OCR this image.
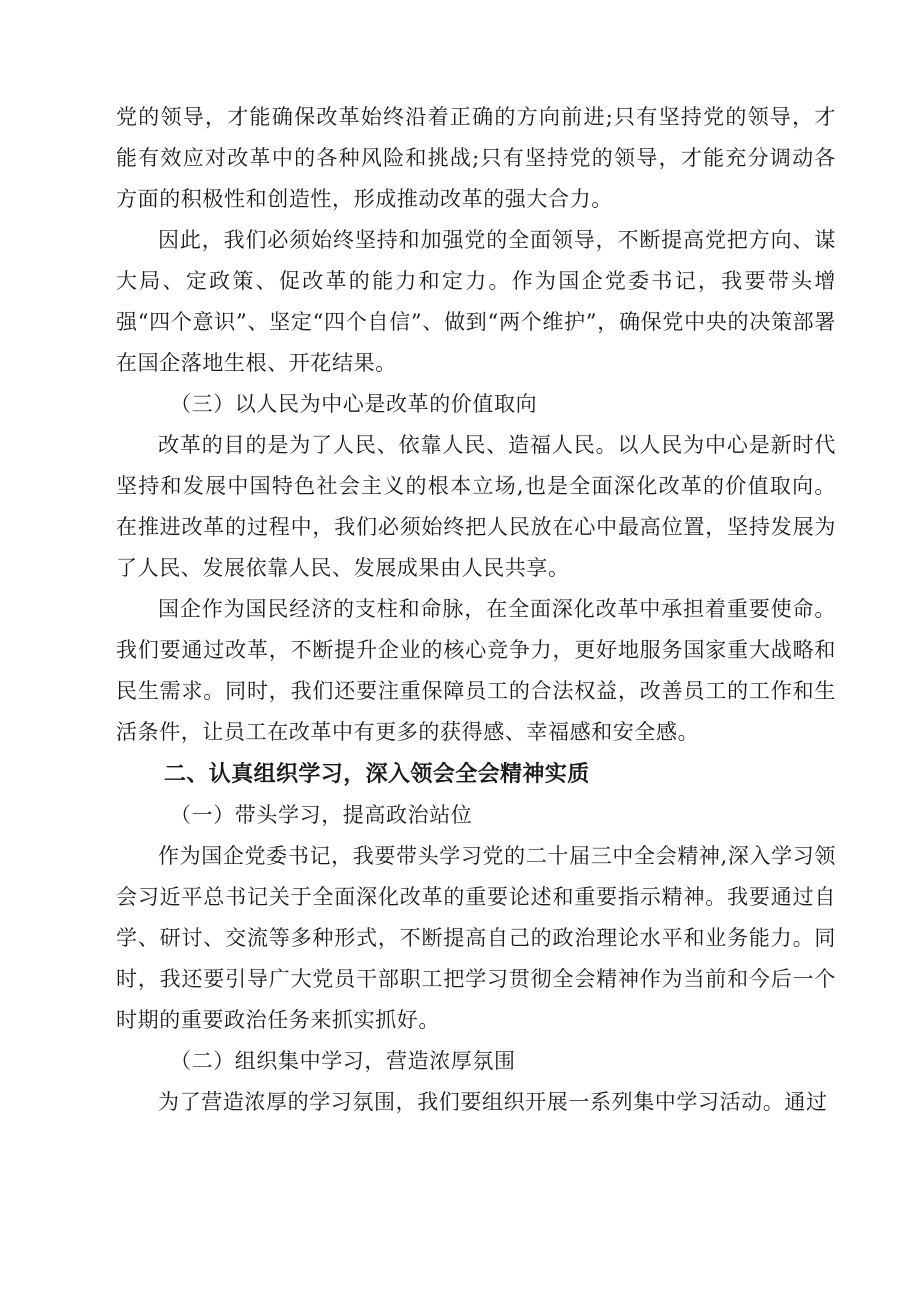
党的领导，才能确保改革始终沿着正确的方向前进;只有坚持党的领导，才能有效应对改革中的各种风险和挑战;只有坚持党的领导，才能充分调动各方面的积极性和创造性，形成推动改革的强大合力。

因此，我们必须始终坚持和加强党的全面领导，不断提高党把方向、谋大局、定政策、促改革的能力和定力。作为国企党委书记，我要带头增强“四个意识”、坚定“四个自信”、做到“两个维护”，确保党中央的决策部署在国企落地生根、开花结果。

（三）以人民为中心是改革的价值取向

改革的目的是为了人民、依靠人民、造福人民。以人民为中心是新时代坚持和发展中国特色社会主义的根本立场,也是全面深化改革的价值取向。在推进改革的过程中，我们必须始终把人民放在心中最高位置，坚持发展为了人民、发展依靠人民、发展成果由人民共享。

国企作为国民经济的支柱和命脉，在全面深化改革中承担着重要使命。我们要通过改革，不断提升企业的核心竞争力，更好地服务国家重大战略和民生需求。同时，我们还要注重保障员工的合法权益，改善员工的工作和生活条件，让员工在改革中有更多的获得感、幸福感和安全感。

二、认真组织学习，深入领会全会精神实质

（一）带头学习，提高政治站位

作为国企党委书记，我要带头学习党的二十届三中全会精神,深入学习领会习近平总书记关于全面深化改革的重要论述和重要指示精神。我要通过自学、研讨、交流等多种形式，不断提高自己的政治理论水平和业务能力。同时，我还要引导广大党员干部职工把学习贯彻全会精神作为当前和今后一个时期的重要政治任务来抓实抓好。

（二）组织集中学习，营造浓厚氛围

为了营造浓厚的学习氛围，我们要组织开展一系列集中学习活动。通过
